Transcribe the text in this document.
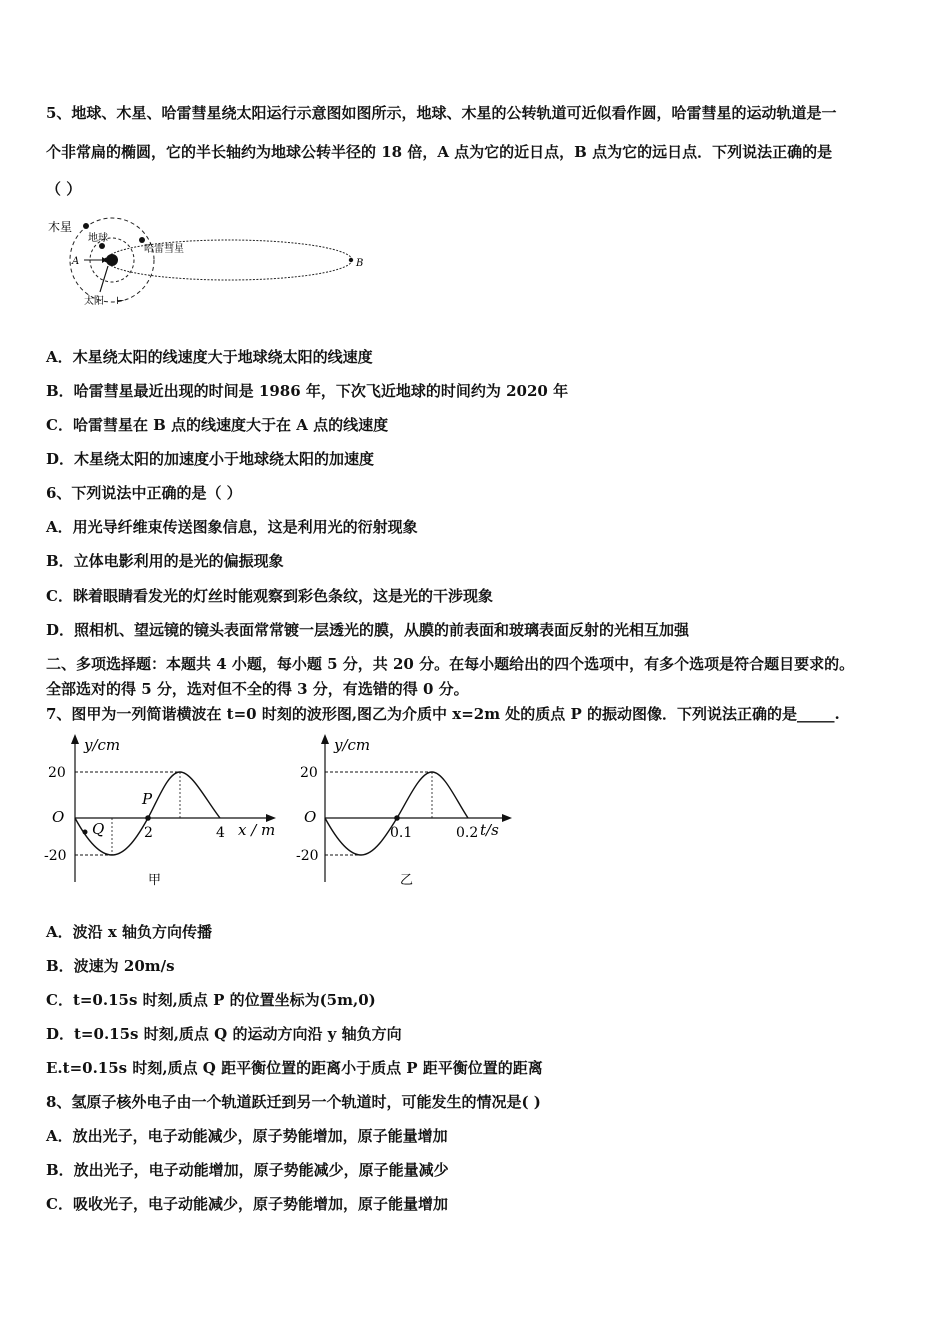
5、地球、木星、哈雷彗星绕太阳运行示意图如图所示，地球、木星的公转轨道可近似看作圆，哈雷彗星的运动轨道是一
个非常扁的椭圆，它的半长轴约为地球公转半径的 18 倍，A 点为它的近日点，B 点为它的远日点．下列说法正确的是
（ ）
木星
地球
哈雷彗星
A	B
太阳 ⊢
A．木星绕太阳的线速度大于地球绕太阳的线速度
B．哈雷彗星最近出现的时间是 1986 年，下次飞近地球的时间约为 2020 年
C．哈雷彗星在 B 点的线速度大于在 A 点的线速度
D．木星绕太阳的加速度小于地球绕太阳的加速度
6、下列说法中正确的是（ ）
A．用光导纤维束传送图象信息，这是利用光的衍射现象
B．立体电影利用的是光的偏振现象
C．眯着眼睛看发光的灯丝时能观察到彩色条纹，这是光的干涉现象
D．照相机、望远镜的镜头表面常常镀一层透光的膜，从膜的前表面和玻璃表面反射的光相互加强
二、多项选择题：本题共 4 小题，每小题 5 分，共 20 分。在每小题给出的四个选项中，有多个选项是符合题目要求的。
全部选对的得 5 分，选对但不全的得 3 分，有选错的得 0 分。
7、图甲为一列简谐横波在 t=0 时刻的波形图,图乙为介质中 x=2m 处的质点 P 的振动图像．下列说法正确的是_____.
y/cm
20
O
-20
Q
P
2	4 x / m
甲
y/cm
20
O
-20
0.1	0.2 t/s
乙
A．波沿 x 轴负方向传播
B．波速为 20m/s
C．t=0.15s 时刻,质点 P 的位置坐标为(5m,0)
D．t=0.15s 时刻,质点 Q 的运动方向沿 y 轴负方向
E.t=0.15s 时刻,质点 Q 距平衡位置的距离小于质点 P 距平衡位置的距离
8、氢原子核外电子由一个轨道跃迁到另一个轨道时，可能发生的情况是( )
A．放出光子，电子动能减少，原子势能增加，原子能量增加
B．放出光子，电子动能增加，原子势能减少，原子能量减少
C．吸收光子，电子动能减少，原子势能增加，原子能量增加
